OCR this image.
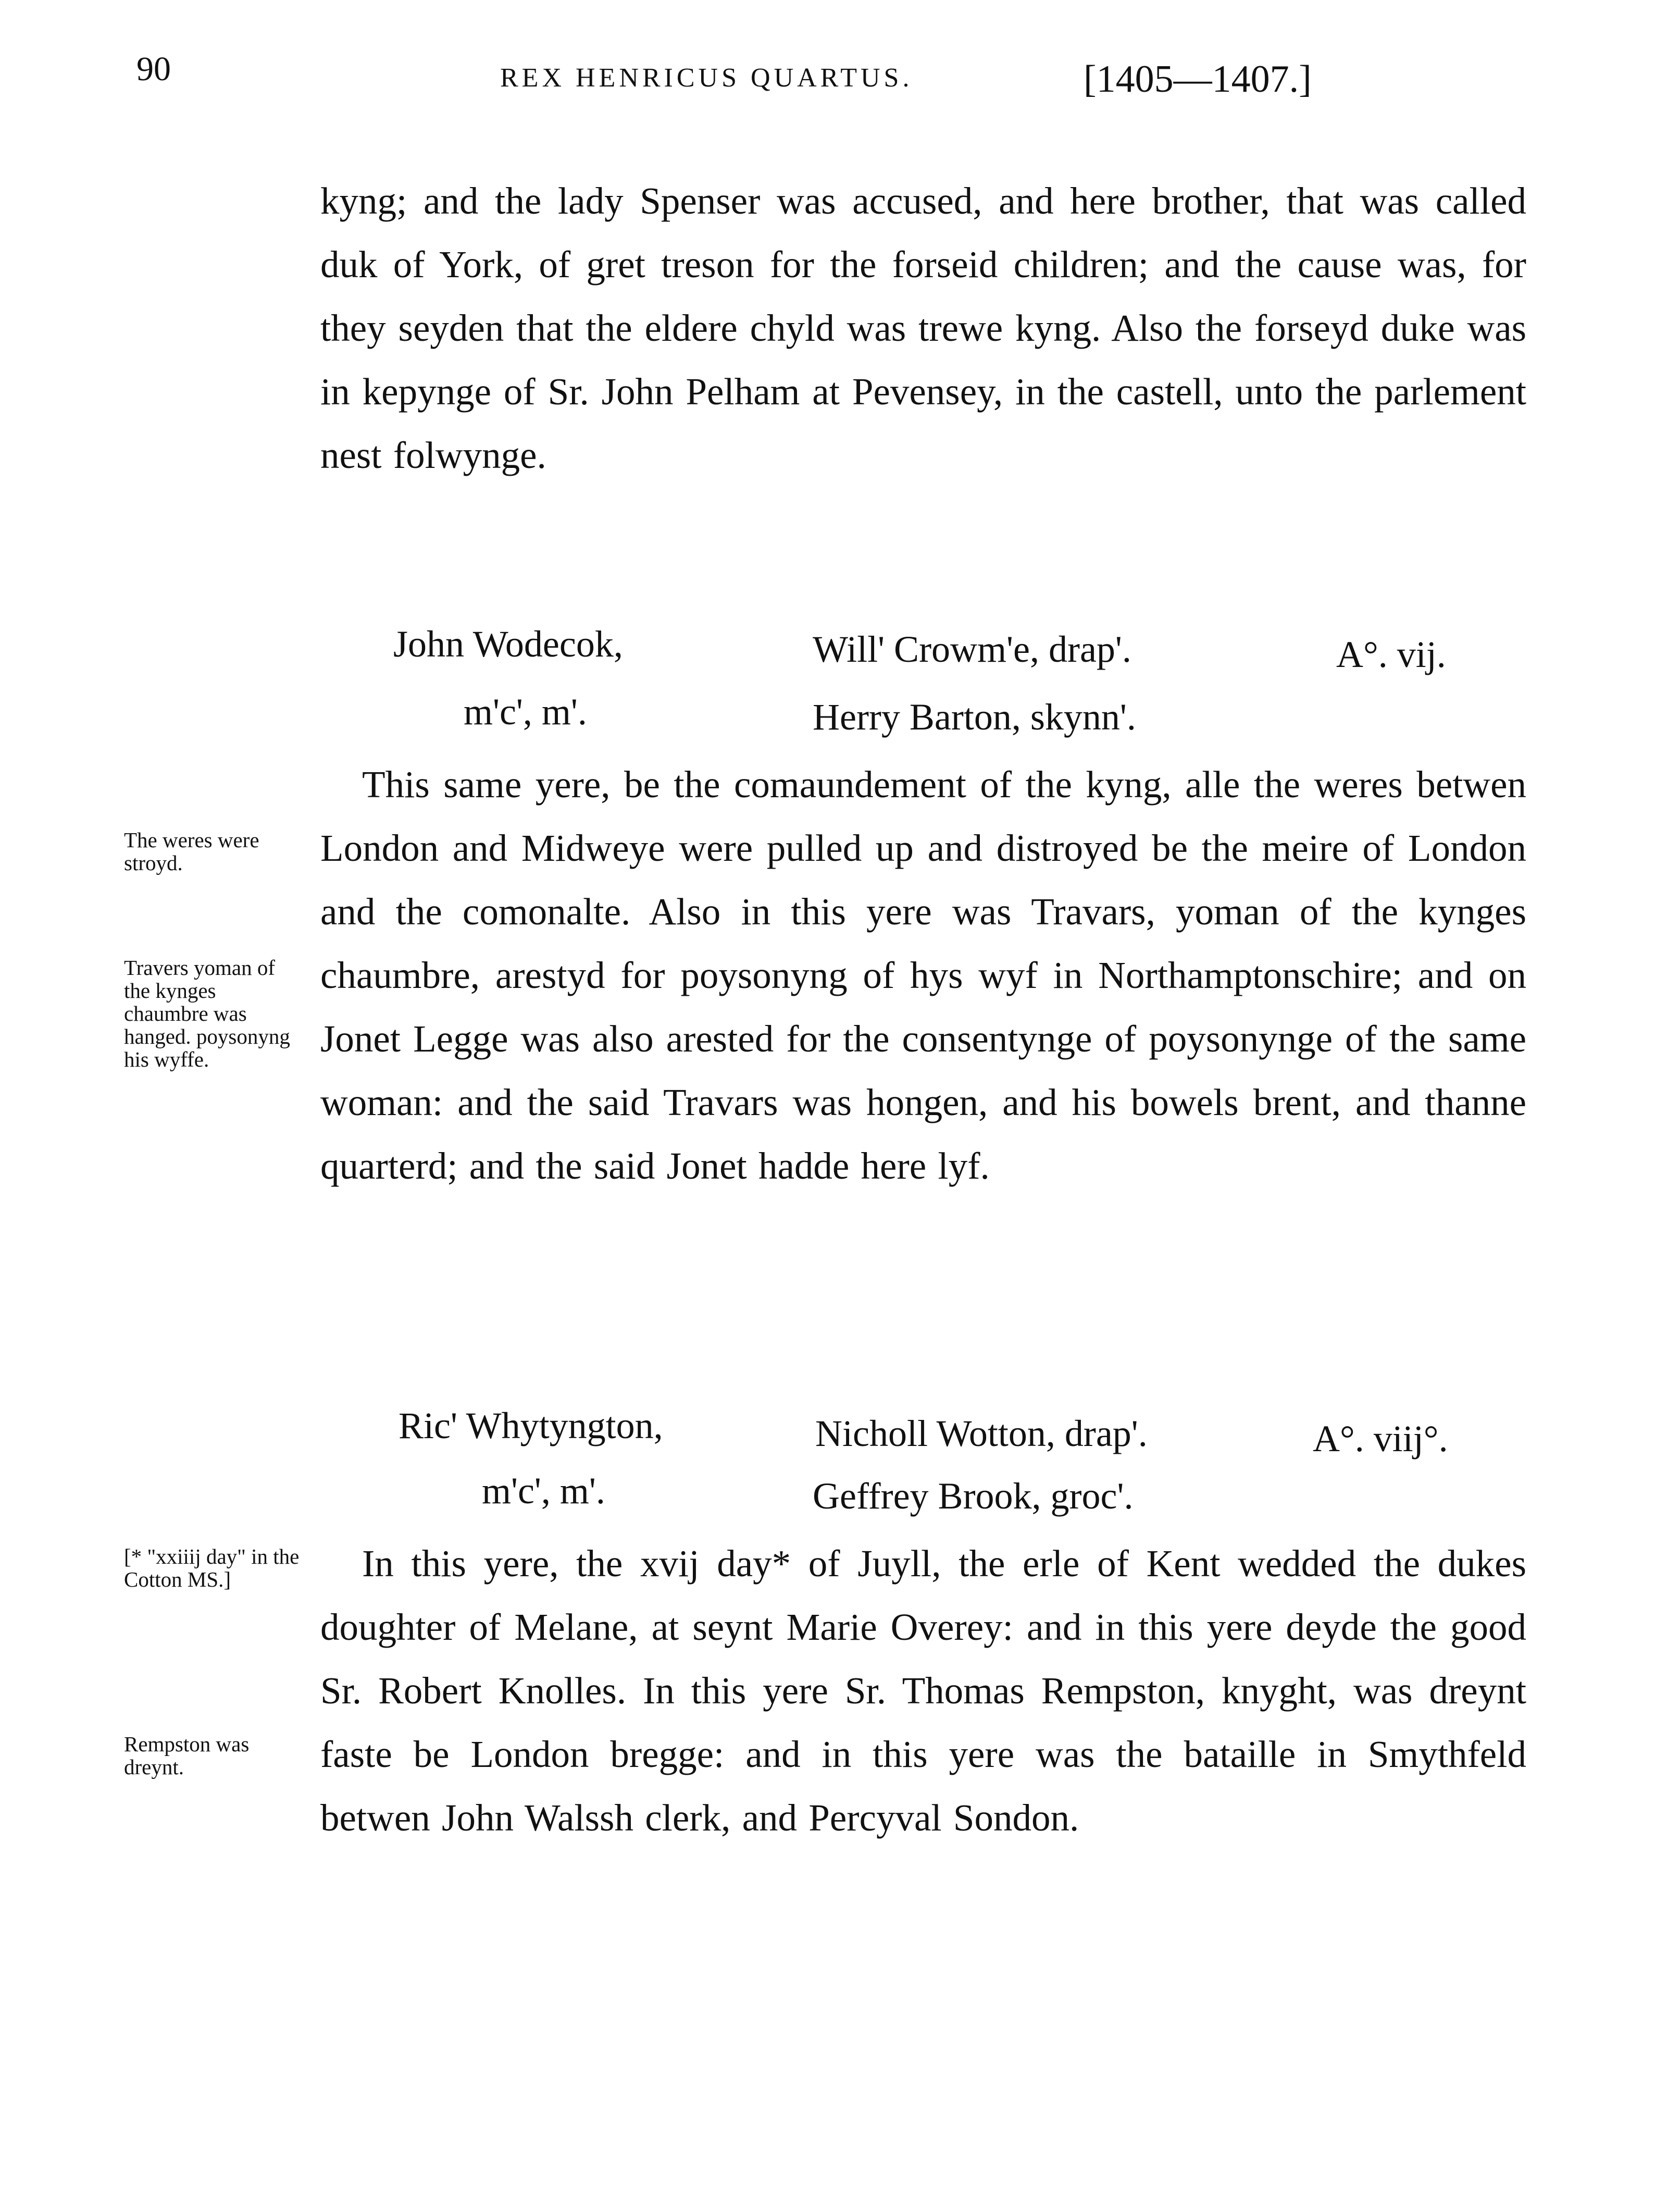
90	REX HENRICUS QUARTUS.	[1405—1407.]

kyng; and the lady Spenser was accused, and here brother, that was called duk of York, of gret treson for the forseid children; and the cause was, for they seyden that the eldere chyld was trewe kyng. Also the forseyd duke was in kepynge of Sr. John Pelham at Pevensey, in the castell, unto the parlement nest folwynge.

John Wodecok,
m'c', m'.
Will' Crowm'e, drap'.
Herry Barton, skynn'.
A°. vij.

This same yere, be the comaundement of the kyng, alle the weres betwen London and Midweye were pulled up and distroyed be the meire of London and the comonalte. Also in this yere was Travars, yoman of the kynges chaumbre, arestyd for poysonyng of hys wyf in Northamptonschire; and on Jonet Legge was also arested for the consentynge of poysonynge of the same woman: and the said Travars was hongen, and his bowels brent, and thanne quarterd; and the said Jonet hadde here lyf.

The weres were stroyd.
Travers yoman of the kynges chaumbre was hanged. poysonyng his wyffe.
Ric' Whytyngton,
m'c', m'.
Nicholl Wotton, drap'.
Geffrey Brook, groc'.
A°. viij°.

In this yere, the xvij day* of Juyll, the erle of Kent wedded the dukes doughter of Melane, at seynt Marie Overey: and in this yere deyde the good Sr. Robert Knolles. In this yere Sr. Thomas Rempston, knyght, was dreynt faste be London bregge: and in this yere was the bataille in Smythfeld betwen John Walssh clerk, and Percyval Sondon.

[* "xxiiij day" in the Cotton MS.]
Rempston was dreynt.
